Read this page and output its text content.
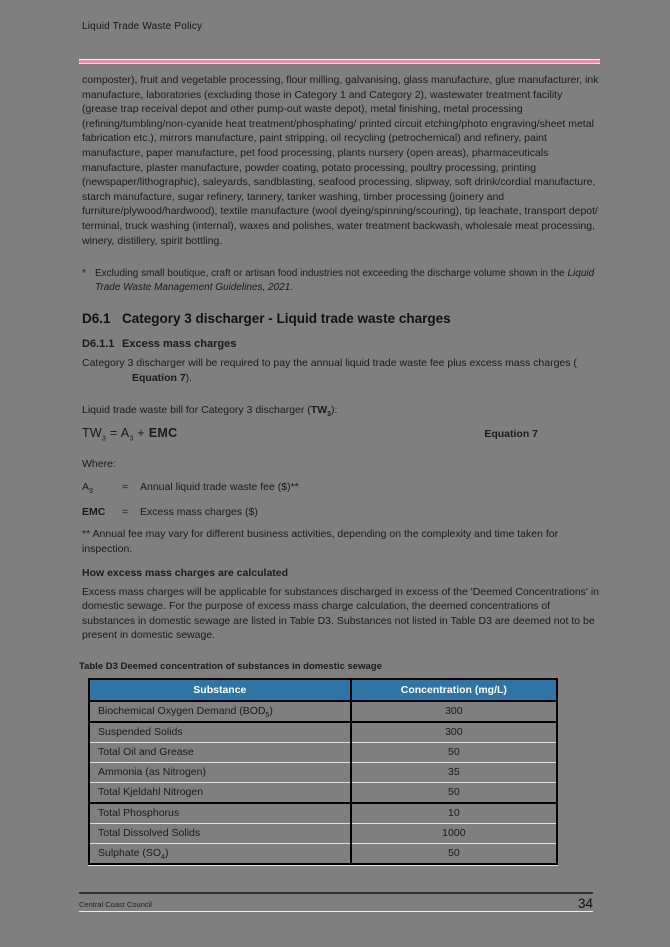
Liquid Trade Waste Policy

composter), fruit and vegetable processing, flour milling, galvanising, glass manufacture, glue manufacturer, ink manufacture, laboratories (excluding those in Category 1 and Category 2), wastewater treatment facility (grease trap receival depot and other pump-out waste depot), metal finishing, metal processing (refining/tumbling/non-cyanide heat treatment/phosphating/ printed circuit etching/photo engraving/sheet metal fabrication etc.), mirrors manufacture, paint stripping, oil recycling (petrochemical) and refinery, paint manufacture, paper manufacture, pet food processing, plants nursery (open areas), pharmaceuticals manufacture, plaster manufacture, powder coating, potato processing, poultry processing, printing (newspaper/lithographic), saleyards, sandblasting, seafood processing, slipway, soft drink/cordial manufacture, starch manufacture, sugar refinery, tannery, tanker washing, timber processing (joinery and furniture/plywood/hardwood), textile manufacture (wool dyeing/spinning/scouring), tip leachate, transport depot/ terminal, truck washing (internal), waxes and polishes, water treatment backwash, wholesale meat processing, winery, distillery, spirit bottling.

* Excluding small boutique, craft or artisan food industries not exceeding the discharge volume shown in the Liquid Trade Waste Management Guidelines, 2021.
D6.1 Category 3 discharger - Liquid trade waste charges
D6.1.1 Excess mass charges

Category 3 discharger will be required to pay the annual liquid trade waste fee plus excess mass charges (Equation 7).

Liquid trade waste bill for Category 3 discharger $(TW_3)$:

$TW_3 = A_3$ + EMC	Equation 7
Where:
$A_3$	=	Annual liquid trade waste fee ($)**
EMC	=	Excess mass charges ($)

** Annual fee may vary for different business activities, depending on the complexity and time taken for inspection.

How excess mass charges are calculated

Excess mass charges will be applicable for substances discharged in excess of the 'Deemed Concentrations' in domestic sewage. For the purpose of excess mass charge calculation, the deemed concentrations of substances in domestic sewage are listed in Table D3. Substances not listed in Table D3 are deemed not to be present in domestic sewage.

Table D3 Deemed concentration of substances in domestic sewage
Substance	Concentration (mg/L)
Biochemical Oxygen Demand $(BOD_5)$	300
Suspended Solids	300
Total Oil and Grease	50
Ammonia (as Nitrogen)	35
Total Kjeldahl Nitrogen	50
Total Phosphorus	10
Total Dissolved Solids	1000
Sulphate $(SO_4)$	50
Central Coast Council	34
